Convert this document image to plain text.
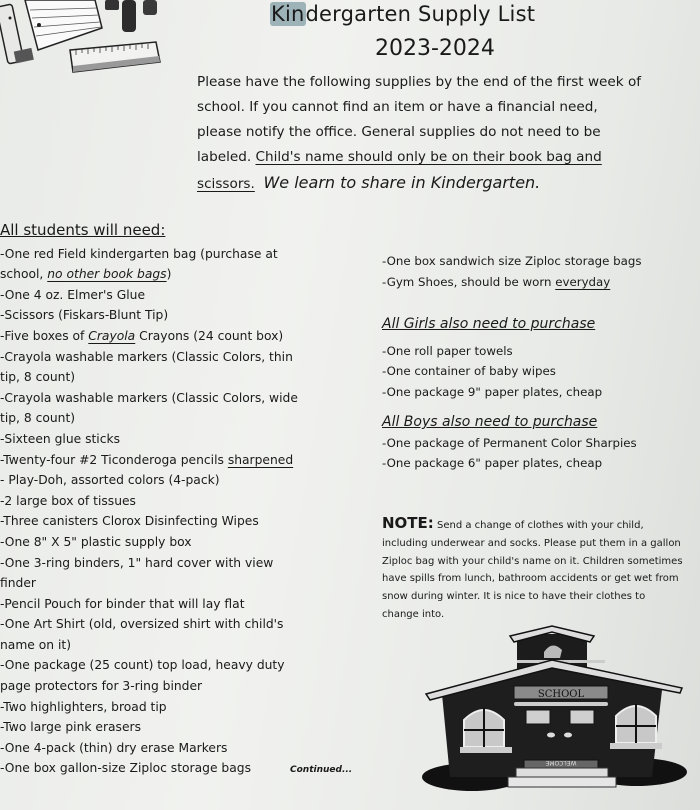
Kindergarten Supply List
2023-2024
Please have the following supplies by the end of the first week of
school. If you cannot find an item or have a financial need,
please notify the office. General supplies do not need to be
labeled. Child's name should only be on their book bag and
scissors. We learn to share in Kindergarten.
All students will need:
-One red Field kindergarten bag (purchase at
school, no other book bags)
-One 4 oz. Elmer's Glue
-Scissors (Fiskars-Blunt Tip)
-Five boxes of Crayola Crayons (24 count box)
-Crayola washable markers (Classic Colors, thin
tip, 8 count)
-Crayola washable markers (Classic Colors, wide
tip, 8 count)
-Sixteen glue sticks
-Twenty-four #2 Ticonderoga pencils sharpened
- Play-Doh, assorted colors (4-pack)
-2 large box of tissues
-Three canisters Clorox Disinfecting Wipes
-One 8" X 5" plastic supply box
-One 3-ring binders, 1" hard cover with view
finder
-Pencil Pouch for binder that will lay flat
-One Art Shirt (old, oversized shirt with child's
name on it)
-One package (25 count) top load, heavy duty
page protectors for 3-ring binder
-Two highlighters, broad tip
-Two large pink erasers
-One 4-pack (thin) dry erase Markers
-One box gallon-size Ziploc storage bags	Continued...
-One box sandwich size Ziploc storage bags
-Gym Shoes, should be worn everyday
All Girls also need to purchase
-One roll paper towels
-One container of baby wipes
-One package 9" paper plates, cheap
All Boys also need to purchase
-One package of Permanent Color Sharpies
-One package 6" paper plates, cheap
NOTE: Send a change of clothes with your child,
including underwear and socks. Please put them in a gallon
Ziploc bag with your child's name on it. Children sometimes
have spills from lunch, bathroom accidents or get wet from
snow during winter. It is nice to have their clothes to
change into.
SCHOOL
WELCOME
